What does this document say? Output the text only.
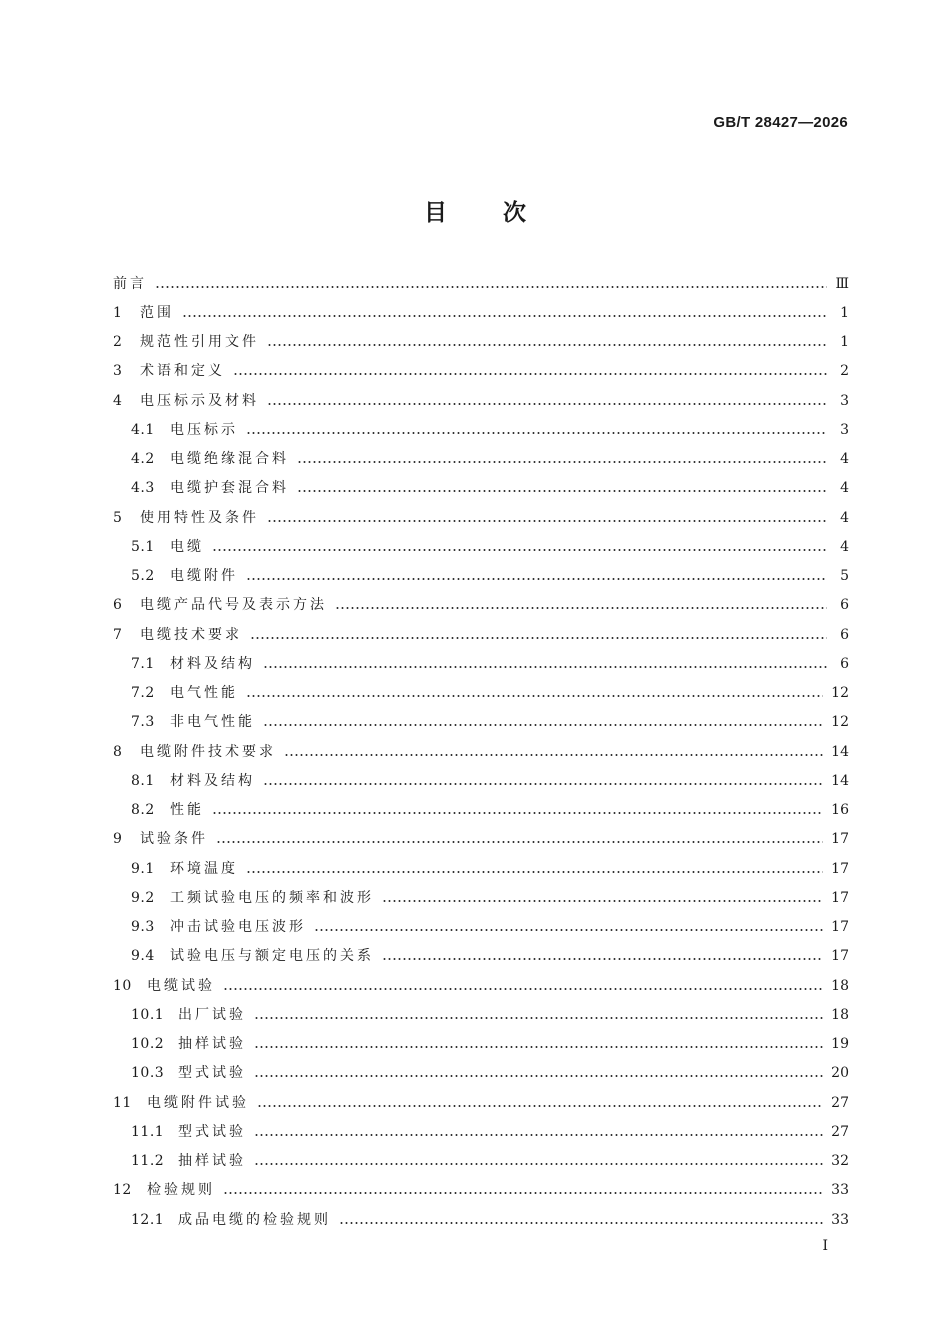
GB/T 28427—2026
目次
前言	Ⅲ
1	范围	1
2	规范性引用文件	1
3	术语和定义	2
4	电压标示及材料	3
4.1	电压标示	3
4.2	电缆绝缘混合料	4
4.3	电缆护套混合料	4
5	使用特性及条件	4
5.1	电缆	4
5.2	电缆附件	5
6	电缆产品代号及表示方法	6
7	电缆技术要求	6
7.1	材料及结构	6
7.2	电气性能	12
7.3	非电气性能	12
8	电缆附件技术要求	14
8.1	材料及结构	14
8.2	性能	16
9	试验条件	17
9.1	环境温度	17
9.2	工频试验电压的频率和波形	17
9.3	冲击试验电压波形	17
9.4	试验电压与额定电压的关系	17
10	电缆试验	18
10.1 出厂试验	18
10.2 抽样试验	19
10.3 型式试验	20
11	电缆附件试验	27
11.1 型式试验	27
11.2 抽样试验	32
12	检验规则	33
12.1 成品电缆的检验规则	33
I
